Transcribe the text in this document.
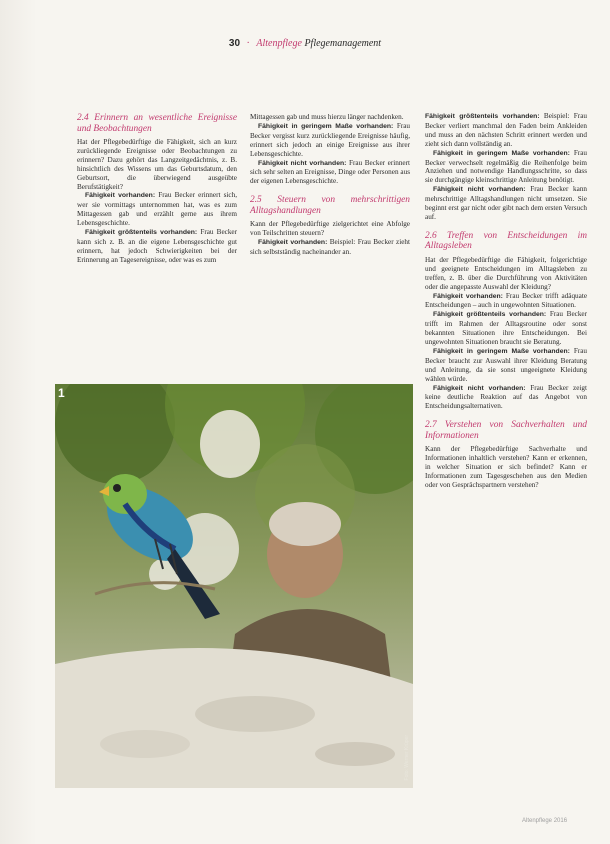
30 · Altenpflege Pflegemanagement
2.4 Erinnern an wesentliche Ereignisse und Beobachtungen

Hat der Pflegebedürftige die Fähigkeit, sich an kurz zurückliegende Ereignisse oder Beobachtungen zu erinnern? Dazu gehört das Langzeitgedächtnis, z. B. hinsichtlich des Wissens um das Geburtsdatum, den Geburtsort, die überwiegend ausgeübte Berufstätigkeit?

Fähigkeit vorhanden: Frau Becker erinnert sich, wer sie vormittags unternommen hat, was es zum Mittagessen gab und erzählt gerne aus ihrem Lebensgeschichte.

Fähigkeit größtenteils vorhanden: Frau Becker kann sich z. B. an die eigene Lebensgeschichte gut erinnern, hat jedoch Schwierigkeiten bei der Erinnerung an Tagesereignisse, oder was es zum

Mittagessen gab und muss hierzu länger nachdenken.

Fähigkeit in geringem Maße vorhanden: Frau Becker vergisst kurz zurückliegende Ereignisse häufig, erinnert sich jedoch an einige Ereignisse aus ihrer Lebensgeschichte.

Fähigkeit nicht vorhanden: Frau Becker erinnert sich sehr selten an Ereignisse, Dinge oder Personen aus der eigenen Lebensgeschichte.

2.5 Steuern von mehrschrittigen Alltagshandlungen

Kann der Pflegebedürftige zielgerichtet eine Abfolge von Teilschritten steuern?

Fähigkeit vorhanden: Beispiel: Frau Becker zieht sich selbstständig nacheinander an.

Fähigkeit größtenteils vorhanden: Beispiel: Frau Becker verliert manchmal den Faden beim Ankleiden und muss an den nächsten Schritt erinnert werden und zieht sich dann vollständig an.

Fähigkeit in geringem Maße vorhanden: Frau Becker verwechselt regelmäßig die Reihenfolge beim Anziehen und notwendige Handlungsschritte, so dass sie durchgängige kleinschrittige Anleitung benötigt.

Fähigkeit nicht vorhanden: Frau Becker kann mehrschrittige Alltagshandlungen nicht umsetzen. Sie beginnt erst gar nicht oder gibt nach dem ersten Versuch auf.

2.6 Treffen von Entscheidungen im Alltagsleben

Hat der Pflegebedürftige die Fähigkeit, folgerichtige und geeignete Entscheidungen im Alltagsleben zu treffen, z. B. über die Durchführung von Aktivitäten oder die angepasste Auswahl der Kleidung?

Fähigkeit vorhanden: Frau Becker trifft adäquate Entscheidungen – auch in ungewohnten Situationen.

Fähigkeit größtenteils vorhanden: Frau Becker trifft im Rahmen der Alltagsroutine oder sonst bekannten Situationen ihre Entscheidungen. Bei ungewohnten Situationen braucht sie Beratung.

Fähigkeit in geringem Maße vorhanden: Frau Becker braucht zur Auswahl ihrer Kleidung Beratung und Anleitung, da sie sonst ungeeignete Kleidung wählen würde.

Fähigkeit nicht vorhanden: Frau Becker zeigt keine deutliche Reaktion auf das Angebot von Entscheidungsalternativen.

2.7 Verstehen von Sachverhalten und Informationen

Kann der Pflegebedürftige Sachverhalte und Informationen inhaltlich verstehen? Kann er erkennen, in welcher Situation er sich befindet? Kann er Informationen zum Tagesgeschehen aus den Medien oder von Gesprächspartnern verstehen?

1
Foto: Werner Krüper
Altenpflege 2016
